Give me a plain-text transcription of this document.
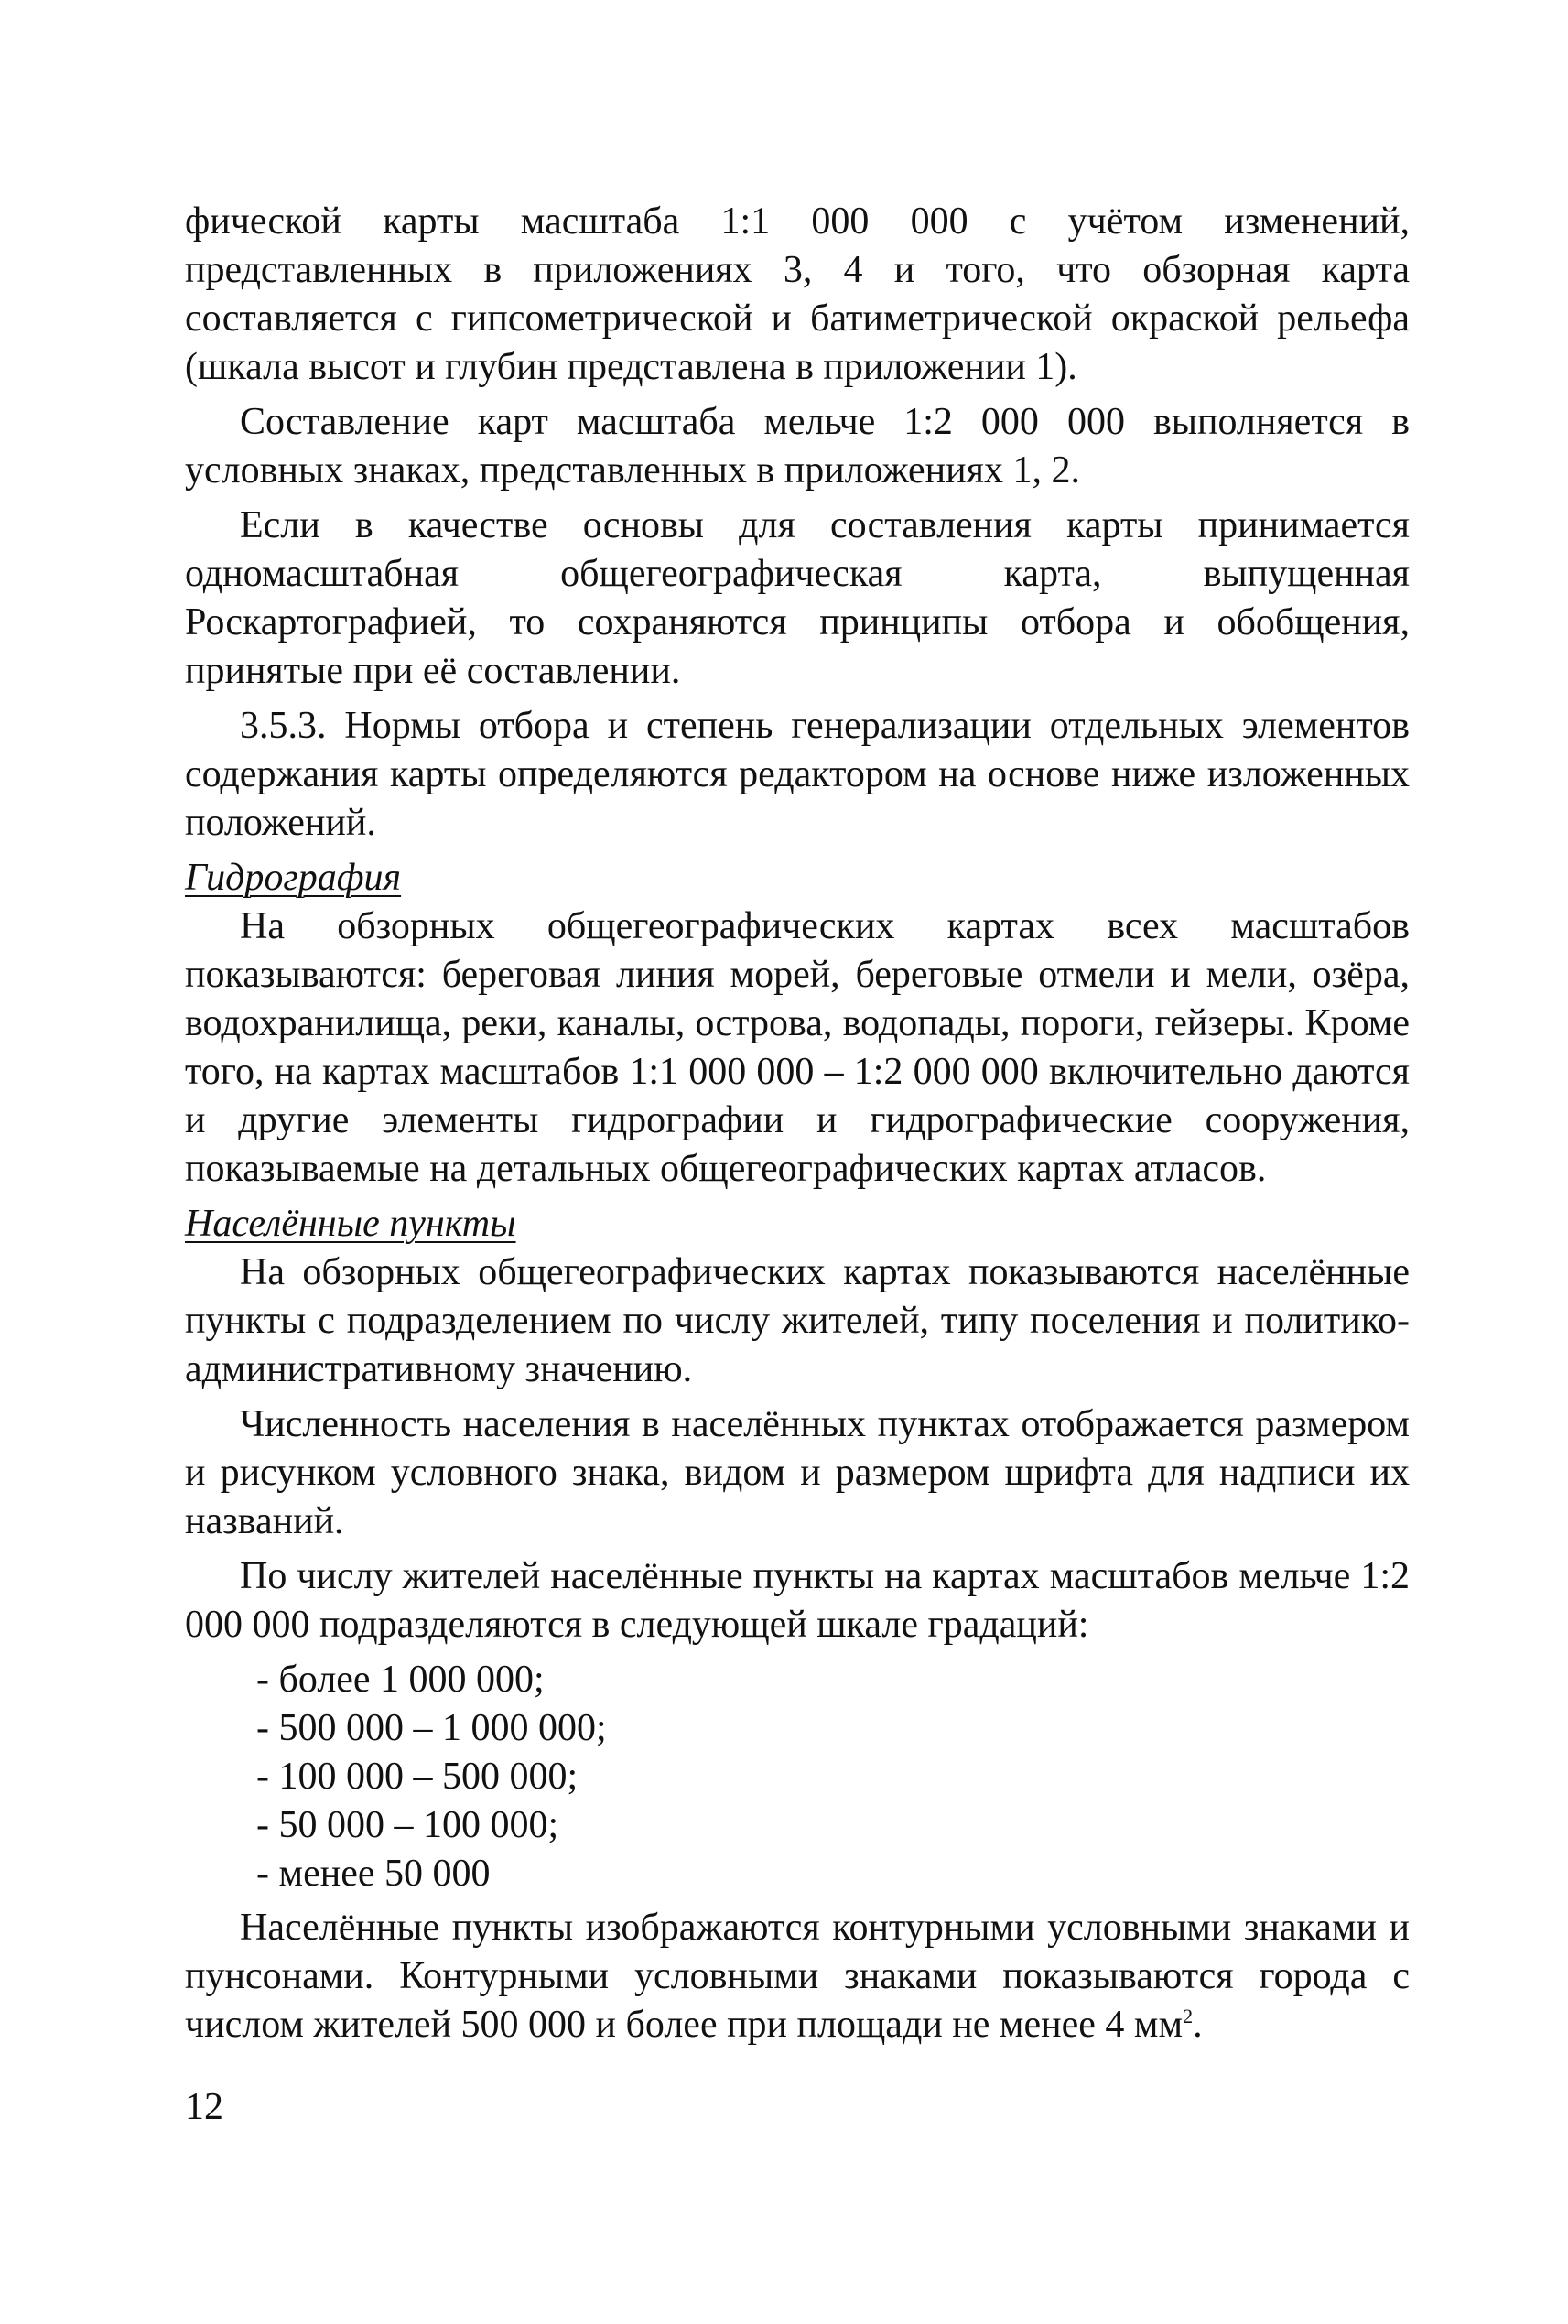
фической карты масштаба 1:1 000 000 с учётом изменений, представленных в приложениях 3, 4 и того, что обзорная карта составляется с гипсометрической и батиметрической окраской рельефа (шкала высот и глубин представлена в приложении 1).

Составление карт масштаба мельче 1:2 000 000 выполняется в условных знаках, представленных в приложениях 1, 2.

Если в качестве основы для составления карты принимается одномасштабная общегеографическая карта, выпущенная Роскартографией, то сохраняются принципы отбора и обобщения, принятые при её составлении.

3.5.3. Нормы отбора и степень генерализации отдельных элементов содержания карты определяются редактором на основе ниже изложенных положений.

Гидрография

На обзорных общегеографических картах всех масштабов показываются: береговая линия морей, береговые отмели и мели, озёра, водохранилища, реки, каналы, острова, водопады, пороги, гейзеры. Кроме того, на картах масштабов 1:1 000 000 – 1:2 000 000 включительно даются и другие элементы гидрографии и гидрографические сооружения, показываемые на детальных общегеографических картах атласов.

Населённые пункты

На обзорных общегеографических картах показываются населённые пункты с подразделением по числу жителей, типу поселения и политико-административному значению.

Численность населения в населённых пунктах отображается размером и рисунком условного знака, видом и размером шрифта для надписи их названий.

По числу жителей населённые пункты на картах масштабов мельче 1:2 000 000 подразделяются в следующей шкале градаций:

- более 1 000 000;
- 500 000 – 1 000 000;
- 100 000 – 500 000;
- 50 000 – 100 000;
- менее 50 000

Населённые пункты изображаются контурными условными знаками и пунсонами. Контурными условными знаками показываются города с числом жителей 500 000 и более при площади не менее 4 $мм^2$.

12
